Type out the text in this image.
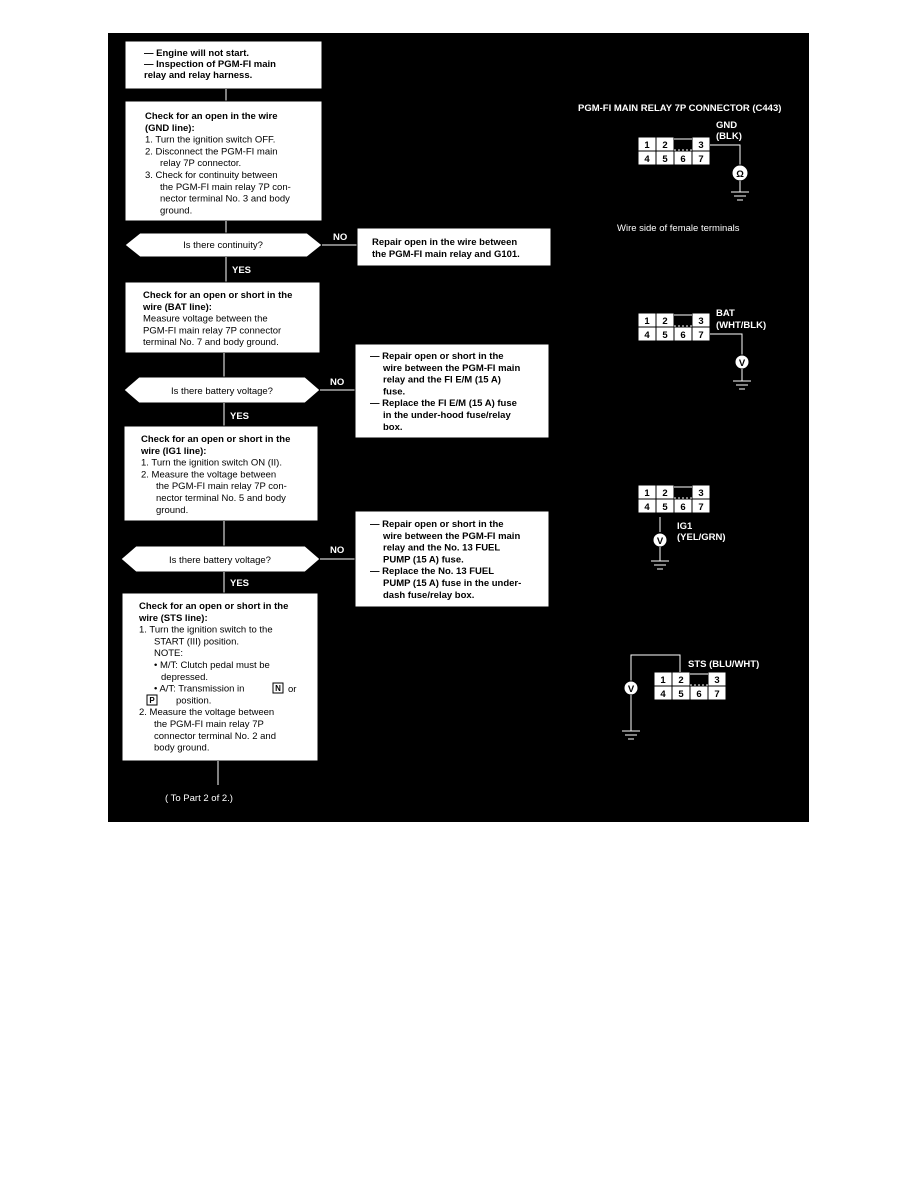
— Engine will not start. — Inspection of PGM-FI main relay and relay harness.
Check for an open in the wire (GND line): 1. Turn the ignition switch OFF. 2. Disconnect the PGM-FI main relay 7P connector. 3. Check for continuity between the PGM-FI main relay 7P con-nector terminal No. 3 and body ground.
Is there continuity?
NO	Repair open in the wire between the PGM-FI main relay and G101.
YES
Check for an open or short in the wire (BAT line): Measure voltage between the PGM-FI main relay 7P connector terminal No. 7 and body ground.
Is there battery voltage?
NO
— Repair open or short in the wire between the PGM-FI main relay and the FI E/M (15 A) fuse. — Replace the FI E/M (15 A) fuse in the under-hood fuse/relay box.
YES
Check for an open or short in the wire (IG1 line): 1. Turn the ignition switch ON (II). 2. Measure the voltage between the PGM-FI main relay 7P con-nector terminal No. 5 and body ground.
Is there battery voltage?
NO
— Repair open or short in the wire between the PGM-FI main relay and the No. 13 FUEL PUMP (15 A) fuse. — Replace the No. 13 FUEL PUMP (15 A) fuse in the under-dash fuse/relay box.
YES
Check for an open or short in the wire (STS line): 1. Turn the ignition switch to the START (III) position. NOTE: • M/T: Clutch pedal must be depressed. • A/T: Transmission in position. 2. Measure the voltage between the PGM-FI main relay 7P connector terminal No. 2 and body ground.
or
N
P
( To Part 2 of 2.)
PGM-FI MAIN RELAY 7P CONNECTOR (C443)
1 2	3
4 5 6 7
GND
(BLK)
Ω
Wire side of female terminals
1 2	3
4 5 6 7
BAT
(WHT/BLK)
V
1 2	3
4 5 6 7
V
IG1
(YEL/GRN)
1 2	3
4 5 6 7
STS (BLU/WHT)
V
